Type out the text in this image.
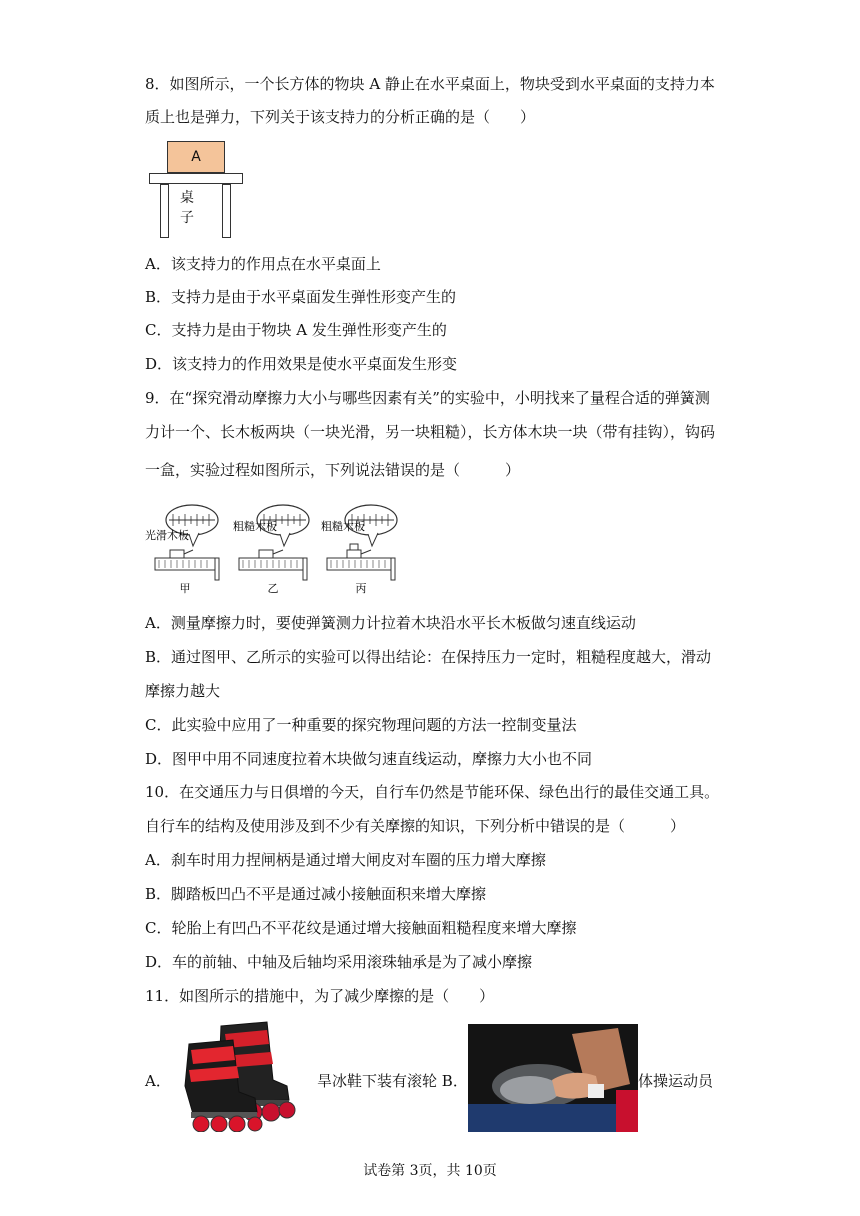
8．如图所示，一个长方体的物块 A 静止在水平桌面上，物块受到水平桌面的支持力本
质上也是弹力，下列关于该支持力的分析正确的是（　　）
A
桌子
A．该支持力的作用点在水平桌面上
B．支持力是由于水平桌面发生弹性形变产生的
C．支持力是由于物块 A 发生弹性形变产生的
D．该支持力的作用效果是使水平桌面发生形变
9．在“探究滑动摩擦力大小与哪些因素有关”的实验中，小明找来了量程合适的弹簧测
力计一个、长木板两块（一块光滑，另一块粗糙），长方体木块一块（带有挂钩），钩码
一盒，实验过程如图所示，下列说法错误的是（　　　）
甲
光滑木板
乙
粗糙木板
丙
粗糙木板
A．测量摩擦力时，要使弹簧测力计拉着木块沿水平长木板做匀速直线运动
B．通过图甲、乙所示的实验可以得出结论：在保持压力一定时，粗糙程度越大，滑动
摩擦力越大
C．此实验中应用了一种重要的探究物理问题的方法一控制变量法
D．图甲中用不同速度拉着木块做匀速直线运动，摩擦力大小也不同
10．在交通压力与日俱增的今天，自行车仍然是节能环保、绿色出行的最佳交通工具。
自行车的结构及使用涉及到不少有关摩擦的知识，下列分析中错误的是（　　　）
A．刹车时用力捏闸柄是通过增大闸皮对车圈的压力增大摩擦
B．脚踏板凹凸不平是通过减小接触面积来增大摩擦
C．轮胎上有凹凸不平花纹是通过增大接触面粗糙程度来增大摩擦
D．车的前轴、中轴及后轴均采用滚珠轴承是为了减小摩擦
11．如图所示的措施中，为了减少摩擦的是（　　）
A．	旱冰鞋下装有滚轮 B．	体操运动员
试卷第 3页，共 10页
